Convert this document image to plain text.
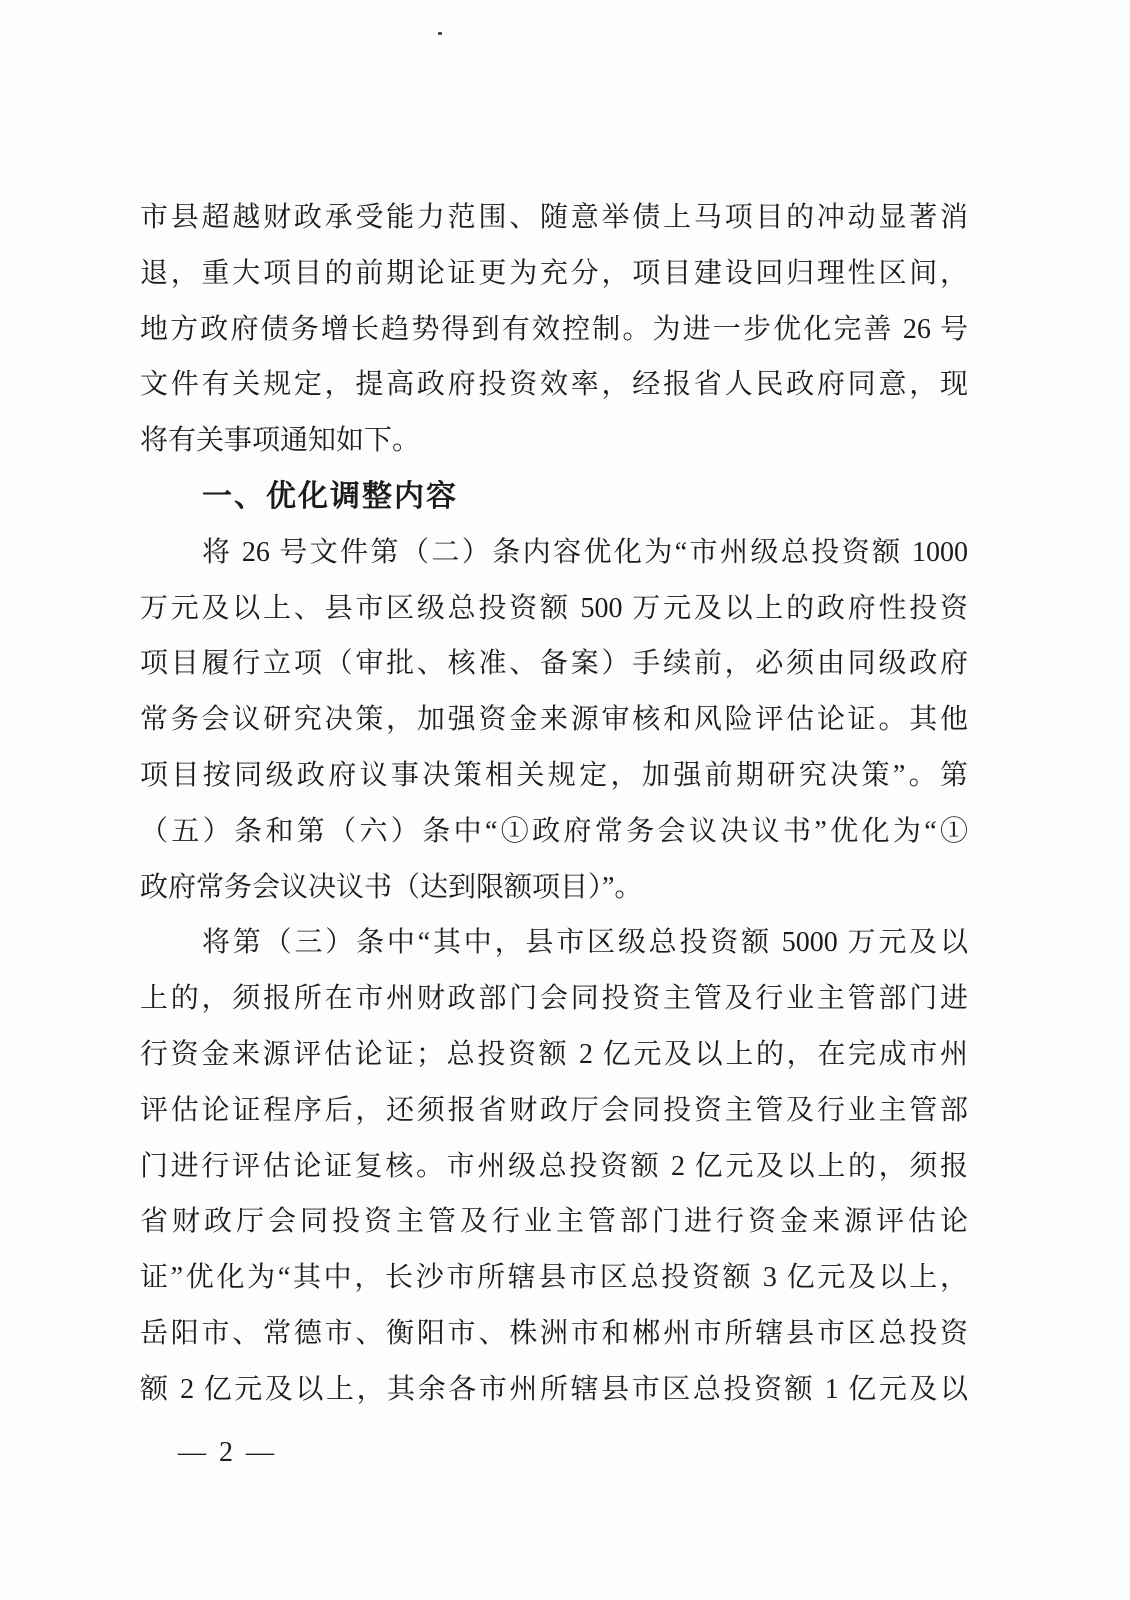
市县超越财政承受能力范围、随意举债上马项目的冲动显著消
退，重大项目的前期论证更为充分，项目建设回归理性区间，
地方政府债务增长趋势得到有效控制。为进一步优化完善 26 号
文件有关规定，提高政府投资效率，经报省人民政府同意，现
将有关事项通知如下。
一、优化调整内容
将 26 号文件第（二）条内容优化为“市州级总投资额 1000
万元及以上、县市区级总投资额 500 万元及以上的政府性投资
项目履行立项（审批、核准、备案）手续前，必须由同级政府
常务会议研究决策，加强资金来源审核和风险评估论证。其他
项目按同级政府议事决策相关规定，加强前期研究决策”。第
（五）条和第（六）条中“①政府常务会议决议书”优化为“①
政府常务会议决议书（达到限额项目）”。
将第（三）条中“其中，县市区级总投资额 5000 万元及以
上的，须报所在市州财政部门会同投资主管及行业主管部门进
行资金来源评估论证；总投资额 2 亿元及以上的，在完成市州
评估论证程序后，还须报省财政厅会同投资主管及行业主管部
门进行评估论证复核。市州级总投资额 2 亿元及以上的，须报
省财政厅会同投资主管及行业主管部门进行资金来源评估论
证”优化为“其中，长沙市所辖县市区总投资额 3 亿元及以上，
岳阳市、常德市、衡阳市、株洲市和郴州市所辖县市区总投资
额 2 亿元及以上，其余各市州所辖县市区总投资额 1 亿元及以
— 2 —
